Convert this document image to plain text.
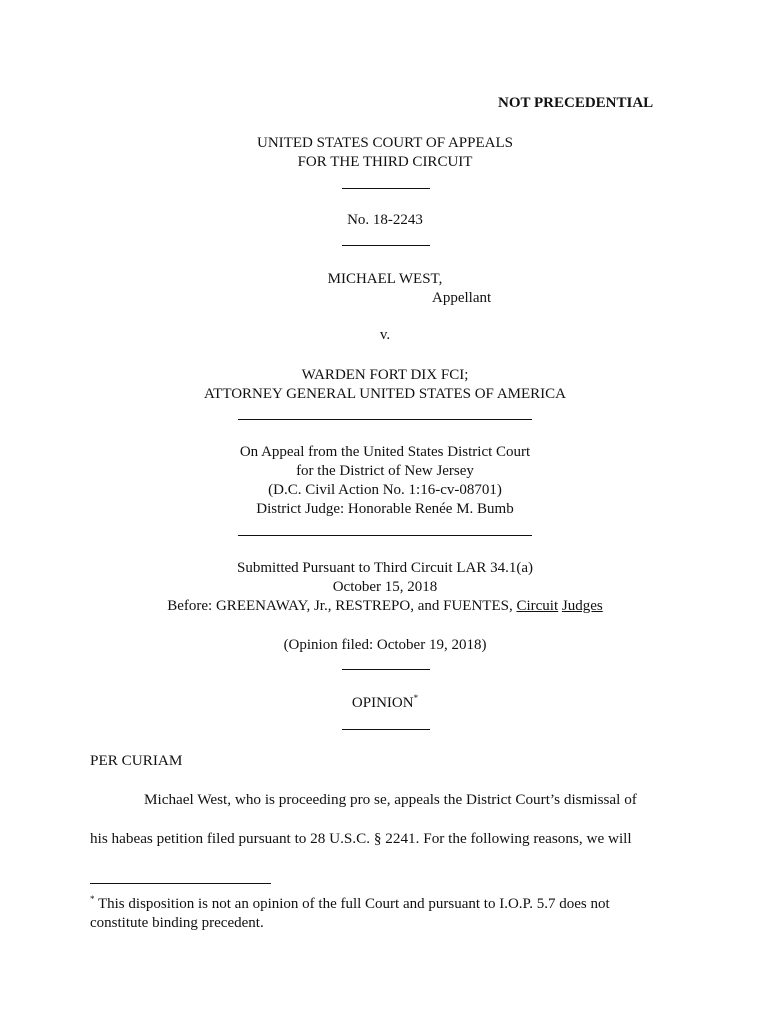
NOT PRECEDENTIAL
UNITED STATES COURT OF APPEALS
FOR THE THIRD CIRCUIT
No. 18-2243
MICHAEL WEST,
Appellant
v.
WARDEN FORT DIX FCI;
ATTORNEY GENERAL UNITED STATES OF AMERICA
On Appeal from the United States District Court
for the District of New Jersey
(D.C. Civil Action No. 1:16-cv-08701)
District Judge: Honorable Renée M. Bumb
Submitted Pursuant to Third Circuit LAR 34.1(a)
October 15, 2018
Before: GREENAWAY, Jr., RESTREPO, and FUENTES, Circuit Judges
(Opinion filed: October 19, 2018)
OPINION*
PER CURIAM
Michael West, who is proceeding pro se, appeals the District Court’s dismissal of
his habeas petition filed pursuant to 28 U.S.C. § 2241. For the following reasons, we will
* This disposition is not an opinion of the full Court and pursuant to I.O.P. 5.7 does not
constitute binding precedent.
